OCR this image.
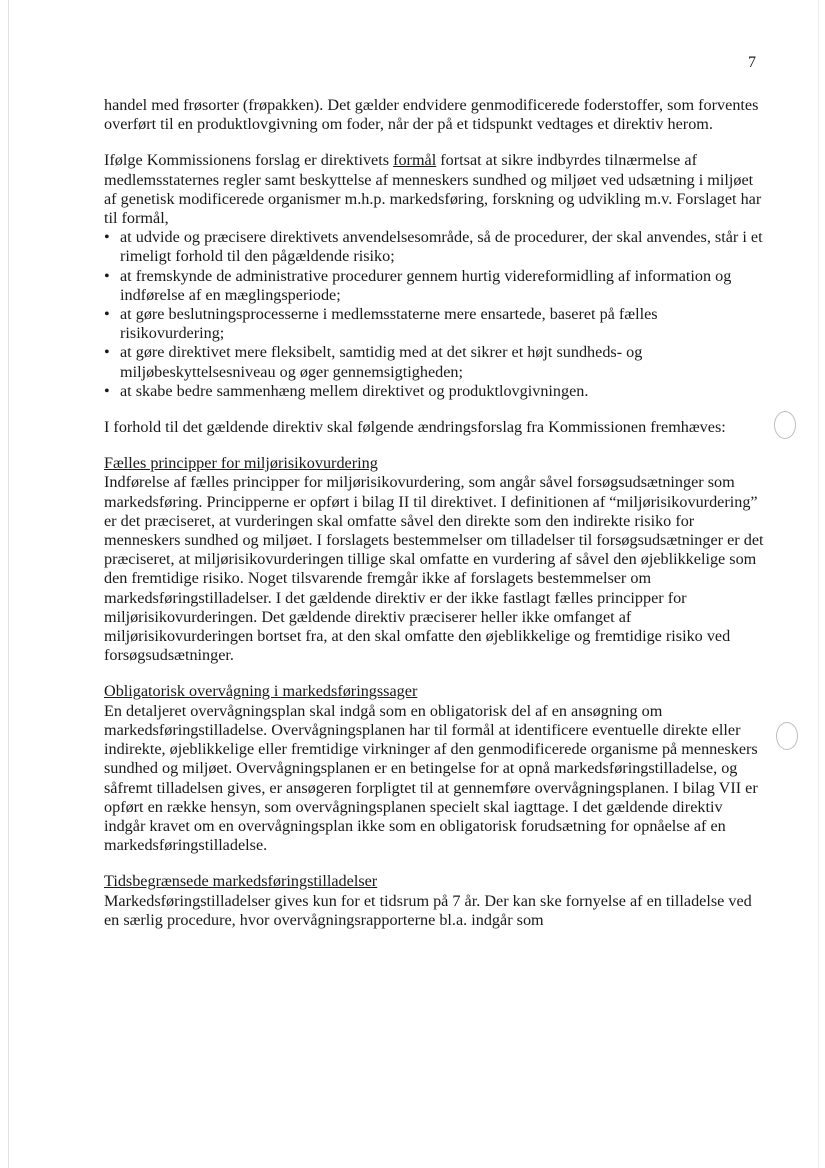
7

handel med frøsorter (frøpakken). Det gælder endvidere genmodificerede foderstoffer, som forventes overført til en produktlovgivning om foder, når der på et tidspunkt vedtages et direktiv herom.

Ifølge Kommissionens forslag er direktivets formål fortsat at sikre indbyrdes tilnærmelse af medlemsstaternes regler samt beskyttelse af menneskers sundhed og miljøet ved udsætning i miljøet af genetisk modificerede organismer m.h.p. markedsføring, forskning og udvikling m.v. Forslaget har til formål,

• at udvide og præcisere direktivets anvendelsesområde, så de procedurer, der skal anvendes, står i et rimeligt forhold til den pågældende risiko;
• at fremskynde de administrative procedurer gennem hurtig videreformidling af information og indførelse af en mæglingsperiode;
• at gøre beslutningsprocesserne i medlemsstaterne mere ensartede, baseret på fælles risikovurdering;
• at gøre direktivet mere fleksibelt, samtidig med at det sikrer et højt sundheds- og miljøbeskyttelsesniveau og øger gennemsigtigheden;
• at skabe bedre sammenhæng mellem direktivet og produktlovgivningen.

I forhold til det gældende direktiv skal følgende ændringsforslag fra Kommissionen fremhæves:

Fælles principper for miljørisikovurdering
Indførelse af fælles principper for miljørisikovurdering, som angår såvel forsøgsudsætninger som markedsføring. Principperne er opført i bilag II til direktivet. I definitionen af “miljørisikovurdering” er det præciseret, at vurderingen skal omfatte såvel den direkte som den indirekte risiko for menneskers sundhed og miljøet. I forslagets bestemmelser om tilladelser til forsøgsudsætninger er det præciseret, at miljørisikovurderingen tillige skal omfatte en vurdering af såvel den øjeblikkelige som den fremtidige risiko. Noget tilsvarende fremgår ikke af forslagets bestemmelser om markedsføringstilladelser. I det gældende direktiv er der ikke fastlagt fælles principper for miljørisikovurderingen. Det gældende direktiv præciserer heller ikke omfanget af miljørisikovurderingen bortset fra, at den skal omfatte den øjeblikkelige og fremtidige risiko ved forsøgsudsætninger.
Obligatorisk overvågning i markedsføringssager
En detaljeret overvågningsplan skal indgå som en obligatorisk del af en ansøgning om markedsføringstilladelse. Overvågningsplanen har til formål at identificere eventuelle direkte eller indirekte, øjeblikkelige eller fremtidige virkninger af den genmodificerede organisme på menneskers sundhed og miljøet. Overvågningsplanen er en betingelse for at opnå markedsføringstilladelse, og såfremt tilladelsen gives, er ansøgeren forpligtet til at gennemføre overvågningsplanen. I bilag VII er opført en række hensyn, som overvågningsplanen specielt skal iagttage. I det gældende direktiv indgår kravet om en overvågningsplan ikke som en obligatorisk forudsætning for opnåelse af en markedsføringstilladelse.
Tidsbegrænsede markedsføringstilladelser
Markedsføringstilladelser gives kun for et tidsrum på 7 år. Der kan ske fornyelse af en tilladelse ved en særlig procedure, hvor overvågningsrapporterne bl.a. indgår som
